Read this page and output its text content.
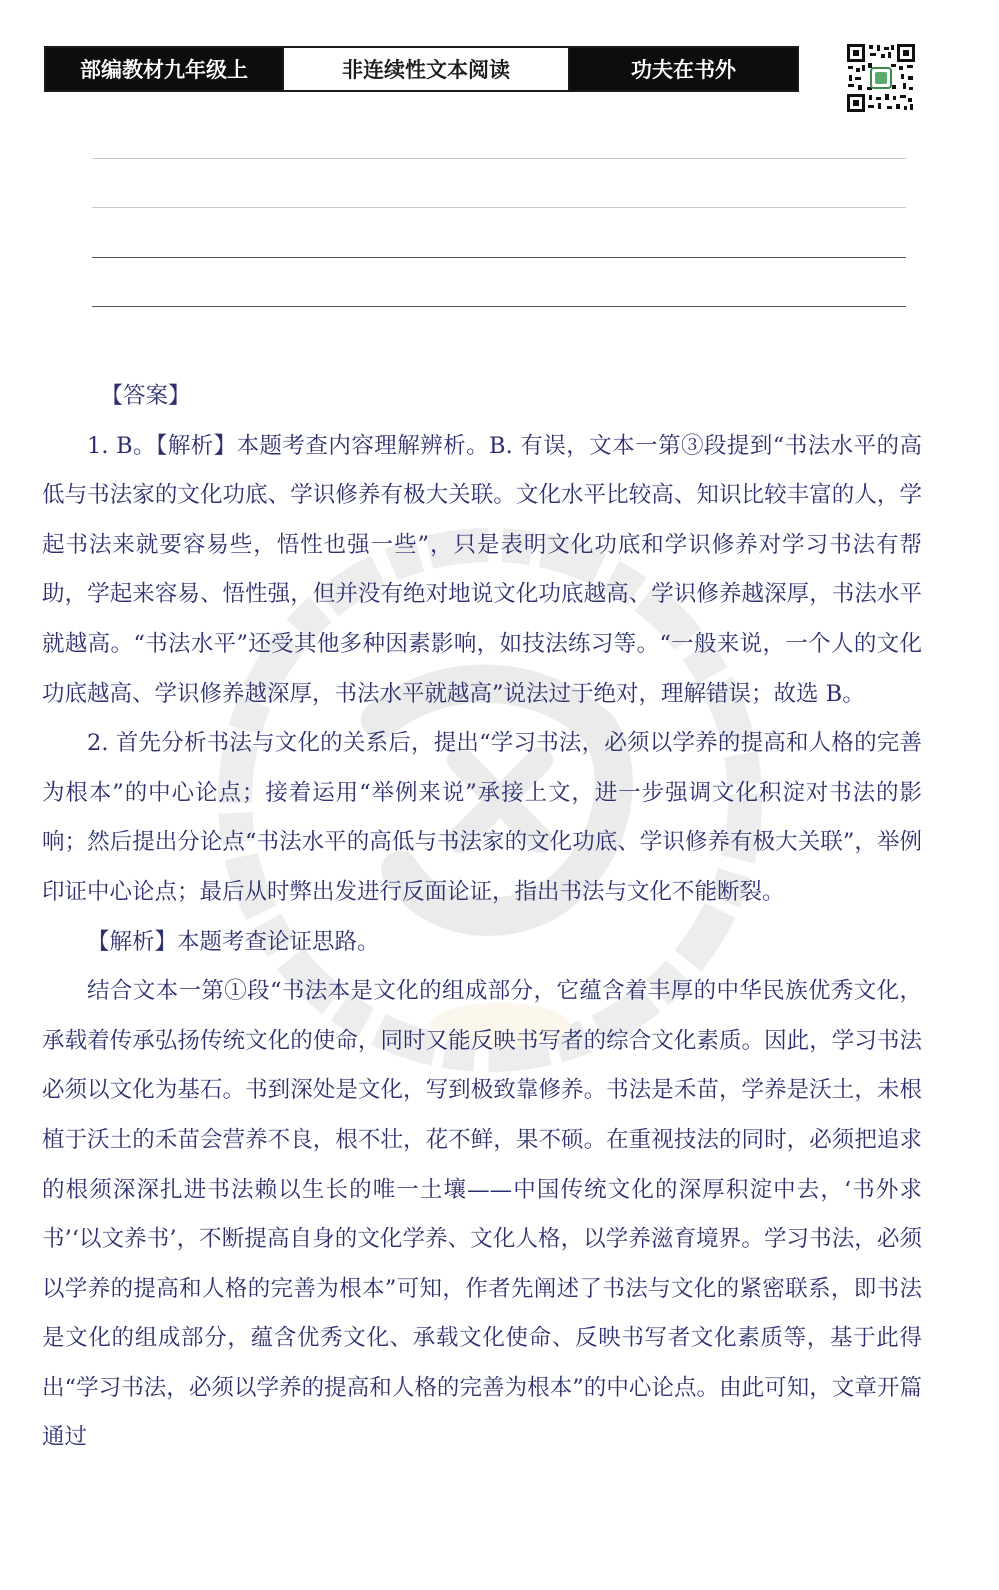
部编教材九年级上	非连续性文本阅读	功夫在书外

【答案】

1. B。【解析】本题考查内容理解辨析。B. 有误，文本一第③段提到“书法水平的高低与书法家的文化功底、学识修养有极大关联。文化水平比较高、知识比较丰富的人，学起书法来就要容易些，悟性也强一些”，只是表明文化功底和学识修养对学习书法有帮助，学起来容易、悟性强，但并没有绝对地说文化功底越高、学识修养越深厚，书法水平就越高。“书法水平”还受其他多种因素影响，如技法练习等。“一般来说，一个人的文化功底越高、学识修养越深厚，书法水平就越高”说法过于绝对，理解错误；故选 B。

2. 首先分析书法与文化的关系后，提出“学习书法，必须以学养的提高和人格的完善为根本”的中心论点；接着运用“举例来说”承接上文，进一步强调文化积淀对书法的影响；然后提出分论点“书法水平的高低与书法家的文化功底、学识修养有极大关联”，举例印证中心论点；最后从时弊出发进行反面论证，指出书法与文化不能断裂。

【解析】本题考查论证思路。

结合文本一第①段“书法本是文化的组成部分，它蕴含着丰厚的中华民族优秀文化，承载着传承弘扬传统文化的使命，同时又能反映书写者的综合文化素质。因此，学习书法必须以文化为基石。书到深处是文化，写到极致靠修养。书法是禾苗，学养是沃土，未根植于沃土的禾苗会营养不良，根不壮，花不鲜，果不硕。在重视技法的同时，必须把追求的根须深深扎进书法赖以生长的唯一土壤——中国传统文化的深厚积淀中去，‘书外求书’‘以文养书’，不断提高自身的文化学养、文化人格，以学养滋育境界。学习书法，必须以学养的提高和人格的完善为根本”可知，作者先阐述了书法与文化的紧密联系，即书法是文化的组成部分，蕴含优秀文化、承载文化使命、反映书写者文化素质等，基于此得出“学习书法，必须以学养的提高和人格的完善为根本”的中心论点。由此可知，文章开篇通过
